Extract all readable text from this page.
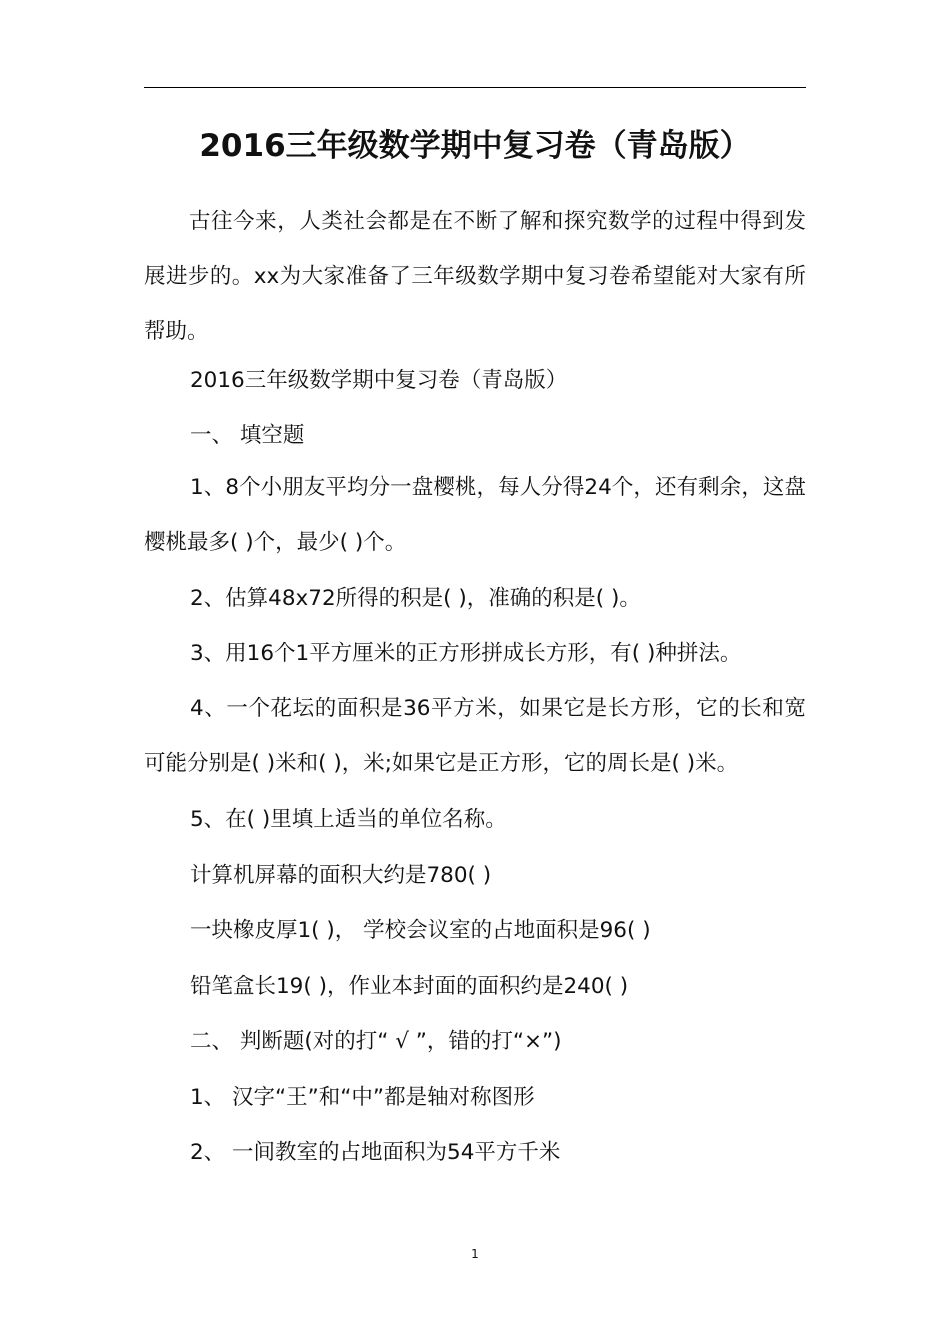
2016三年级数学期中复习卷（青岛版）

古往今来，人类社会都是在不断了解和探究数学的过程中得到发展进步的。xx为大家准备了三年级数学期中复习卷希望能对大家有所帮助。

2016三年级数学期中复习卷（青岛版）

一、 填空题

1、8个小朋友平均分一盘樱桃，每人分得24个，还有剩余，这盘樱桃最多( )个，最少( )个。

2、估算48x72所得的积是( )，准确的积是( )。

3、用16个1平方厘米的正方形拼成长方形，有( )种拼法。

4、一个花坛的面积是36平方米，如果它是长方形，它的长和宽可能分别是( )米和( )，米;如果它是正方形，它的周长是( )米。

5、在( )里填上适当的单位名称。

计算机屏幕的面积大约是780( )

一块橡皮厚1( )， 学校会议室的占地面积是96( )

铅笔盒长19( )，作业本封面的面积约是240( )

二、 判断题(对的打“ √ ”，错的打“×”)

1、 汉字“王”和“中”都是轴对称图形

2、 一间教室的占地面积为54平方千米

1
